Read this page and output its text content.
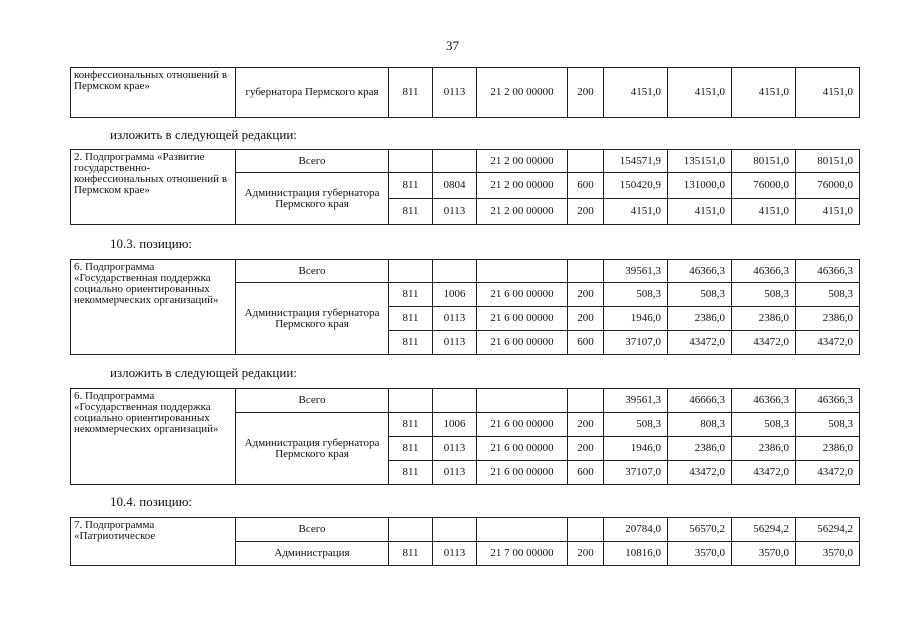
37
конфессиональных отношений в Пермском крае»	губернатора Пермского края	811	0113	21 2 00 00000	200	4151,0	4151,0	4151,0	4151,0
изложить в следующей редакции:
2. Подпрограмма «Развитие государственно-конфессиональных отношений в Пермском крае»	Всего			21 2 00 00000		154571,9	135151,0	80151,0	80151,0
	Администрация губернатора Пермского края	811	0804	21 2 00 00000	600	150420,9	131000,0	76000,0	76000,0
		811	0113	21 2 00 00000	200	4151,0	4151,0	4151,0	4151,0
10.3. позицию:
6. Подпрограмма «Государственная поддержка социально ориентированных некоммерческих организаций»	Всего					39561,3	46366,3	46366,3	46366,3
	Администрация губернатора Пермского края	811	1006	21 6 00 00000	200	508,3	508,3	508,3	508,3
		811	0113	21 6 00 00000	200	1946,0	2386,0	2386,0	2386,0
		811	0113	21 6 00 00000	600	37107,0	43472,0	43472,0	43472,0
изложить в следующей редакции:
6. Подпрограмма «Государственная поддержка социально ориентированных некоммерческих организаций»	Всего					39561,3	46666,3	46366,3	46366,3
	Администрация губернатора Пермского края	811	1006	21 6 00 00000	200	508,3	808,3	508,3	508,3
		811	0113	21 6 00 00000	200	1946,0	2386,0	2386,0	2386,0
		811	0113	21 6 00 00000	600	37107,0	43472,0	43472,0	43472,0
10.4. позицию:
7. Подпрограмма «Патриотическое	Всего					20784,0	56570,2	56294,2	56294,2
	Администрация	811	0113	21 7 00 00000	200	10816,0	3570,0	3570,0	3570,0
